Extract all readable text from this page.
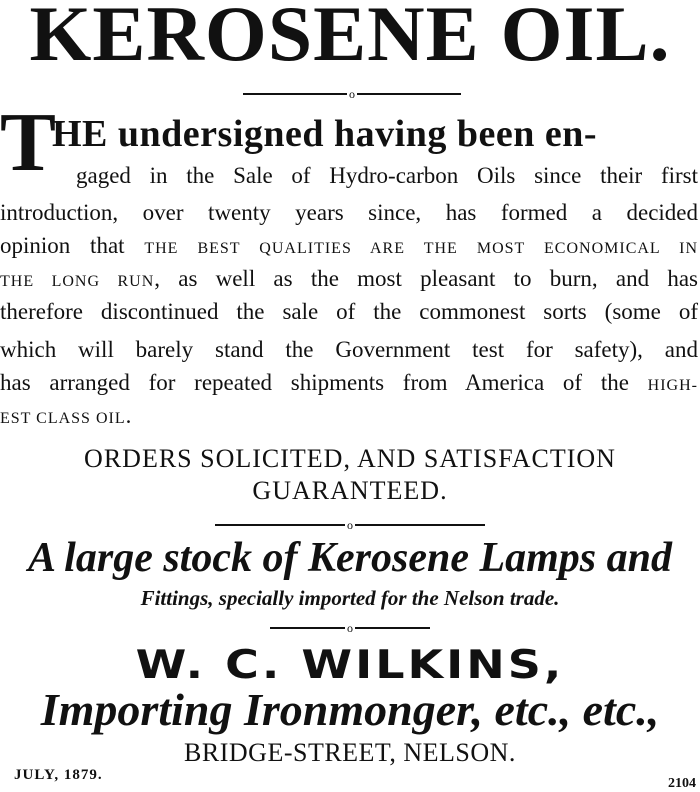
KEROSENE OIL.
o
T
HE undersigned having been en-
gaged in the Sale of Hydro-carbon Oils since their first
introduction, over twenty years since, has formed a decided
opinion that THE BEST QUALITIES ARE THE MOST ECONOMICAL IN
THE LONG RUN, as well as the most pleasant to burn, and has
therefore discontinued the sale of the commonest sorts (some of
which will barely stand the Government test for safety), and
has arranged for repeated shipments from America of the HIGH-
EST CLASS OIL.
ORDERS SOLICITED, AND SATISFACTION
GUARANTEED.
o
A large stock of Kerosene Lamps and
Fittings, specially imported for the Nelson trade.
o
W. C. WILKINS,
Importing Ironmonger, etc., etc.,
BRIDGE-STREET, NELSON.
JULY, 1879.
2104
